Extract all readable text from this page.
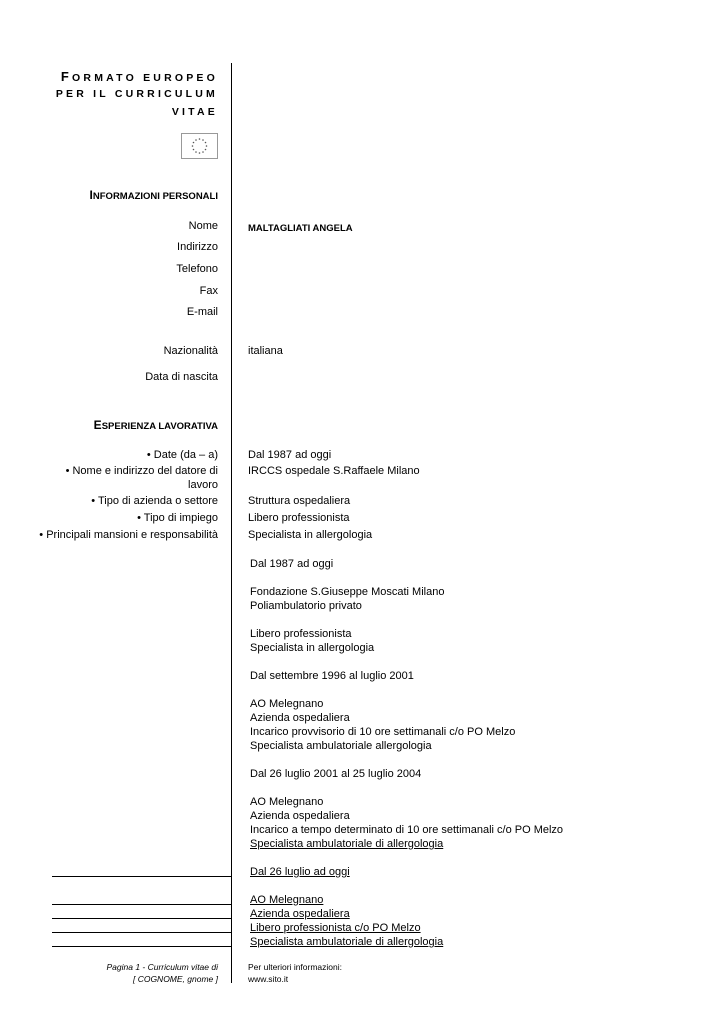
FORMATO EUROPEO
PER IL CURRICULUM
VITAE
INFORMAZIONI PERSONALI
Nome	MALTAGLIATI ANGELA
Indirizzo
Telefono
Fax
E-mail
Nazionalità	italiana
Data di nascita
ESPERIENZA LAVORATIVA
• Date (da – a)
• Nome e indirizzo del datore di
lavoro
• Tipo di azienda o settore
• Tipo di impiego
• Principali mansioni e responsabilità
Dal 1987 ad oggi
IRCCS ospedale S.Raffaele Milano
Struttura ospedaliera
Libero professionista
Specialista in allergologia
Dal 1987 ad oggi
Fondazione S.Giuseppe Moscati Milano
Poliambulatorio privato
Libero professionista
Specialista in allergologia
Dal settembre 1996 al luglio 2001
AO Melegnano
Azienda ospedaliera
Incarico provvisorio di 10 ore settimanali c/o PO Melzo
Specialista ambulatoriale allergologia
Dal 26 luglio 2001 al 25 luglio 2004
AO Melegnano
Azienda ospedaliera
Incarico a tempo determinato di 10 ore settimanali c/o PO Melzo
Specialista ambulatoriale di allergologia
Dal 26 luglio ad oggi
AO Melegnano
Azienda ospedaliera
Libero professionista c/o PO Melzo
Specialista ambulatoriale di allergologia
Pagina 1 - Curriculum vitae di
[ COGNOME, gnome ]
Per ulteriori informazioni:
www.sito.it
